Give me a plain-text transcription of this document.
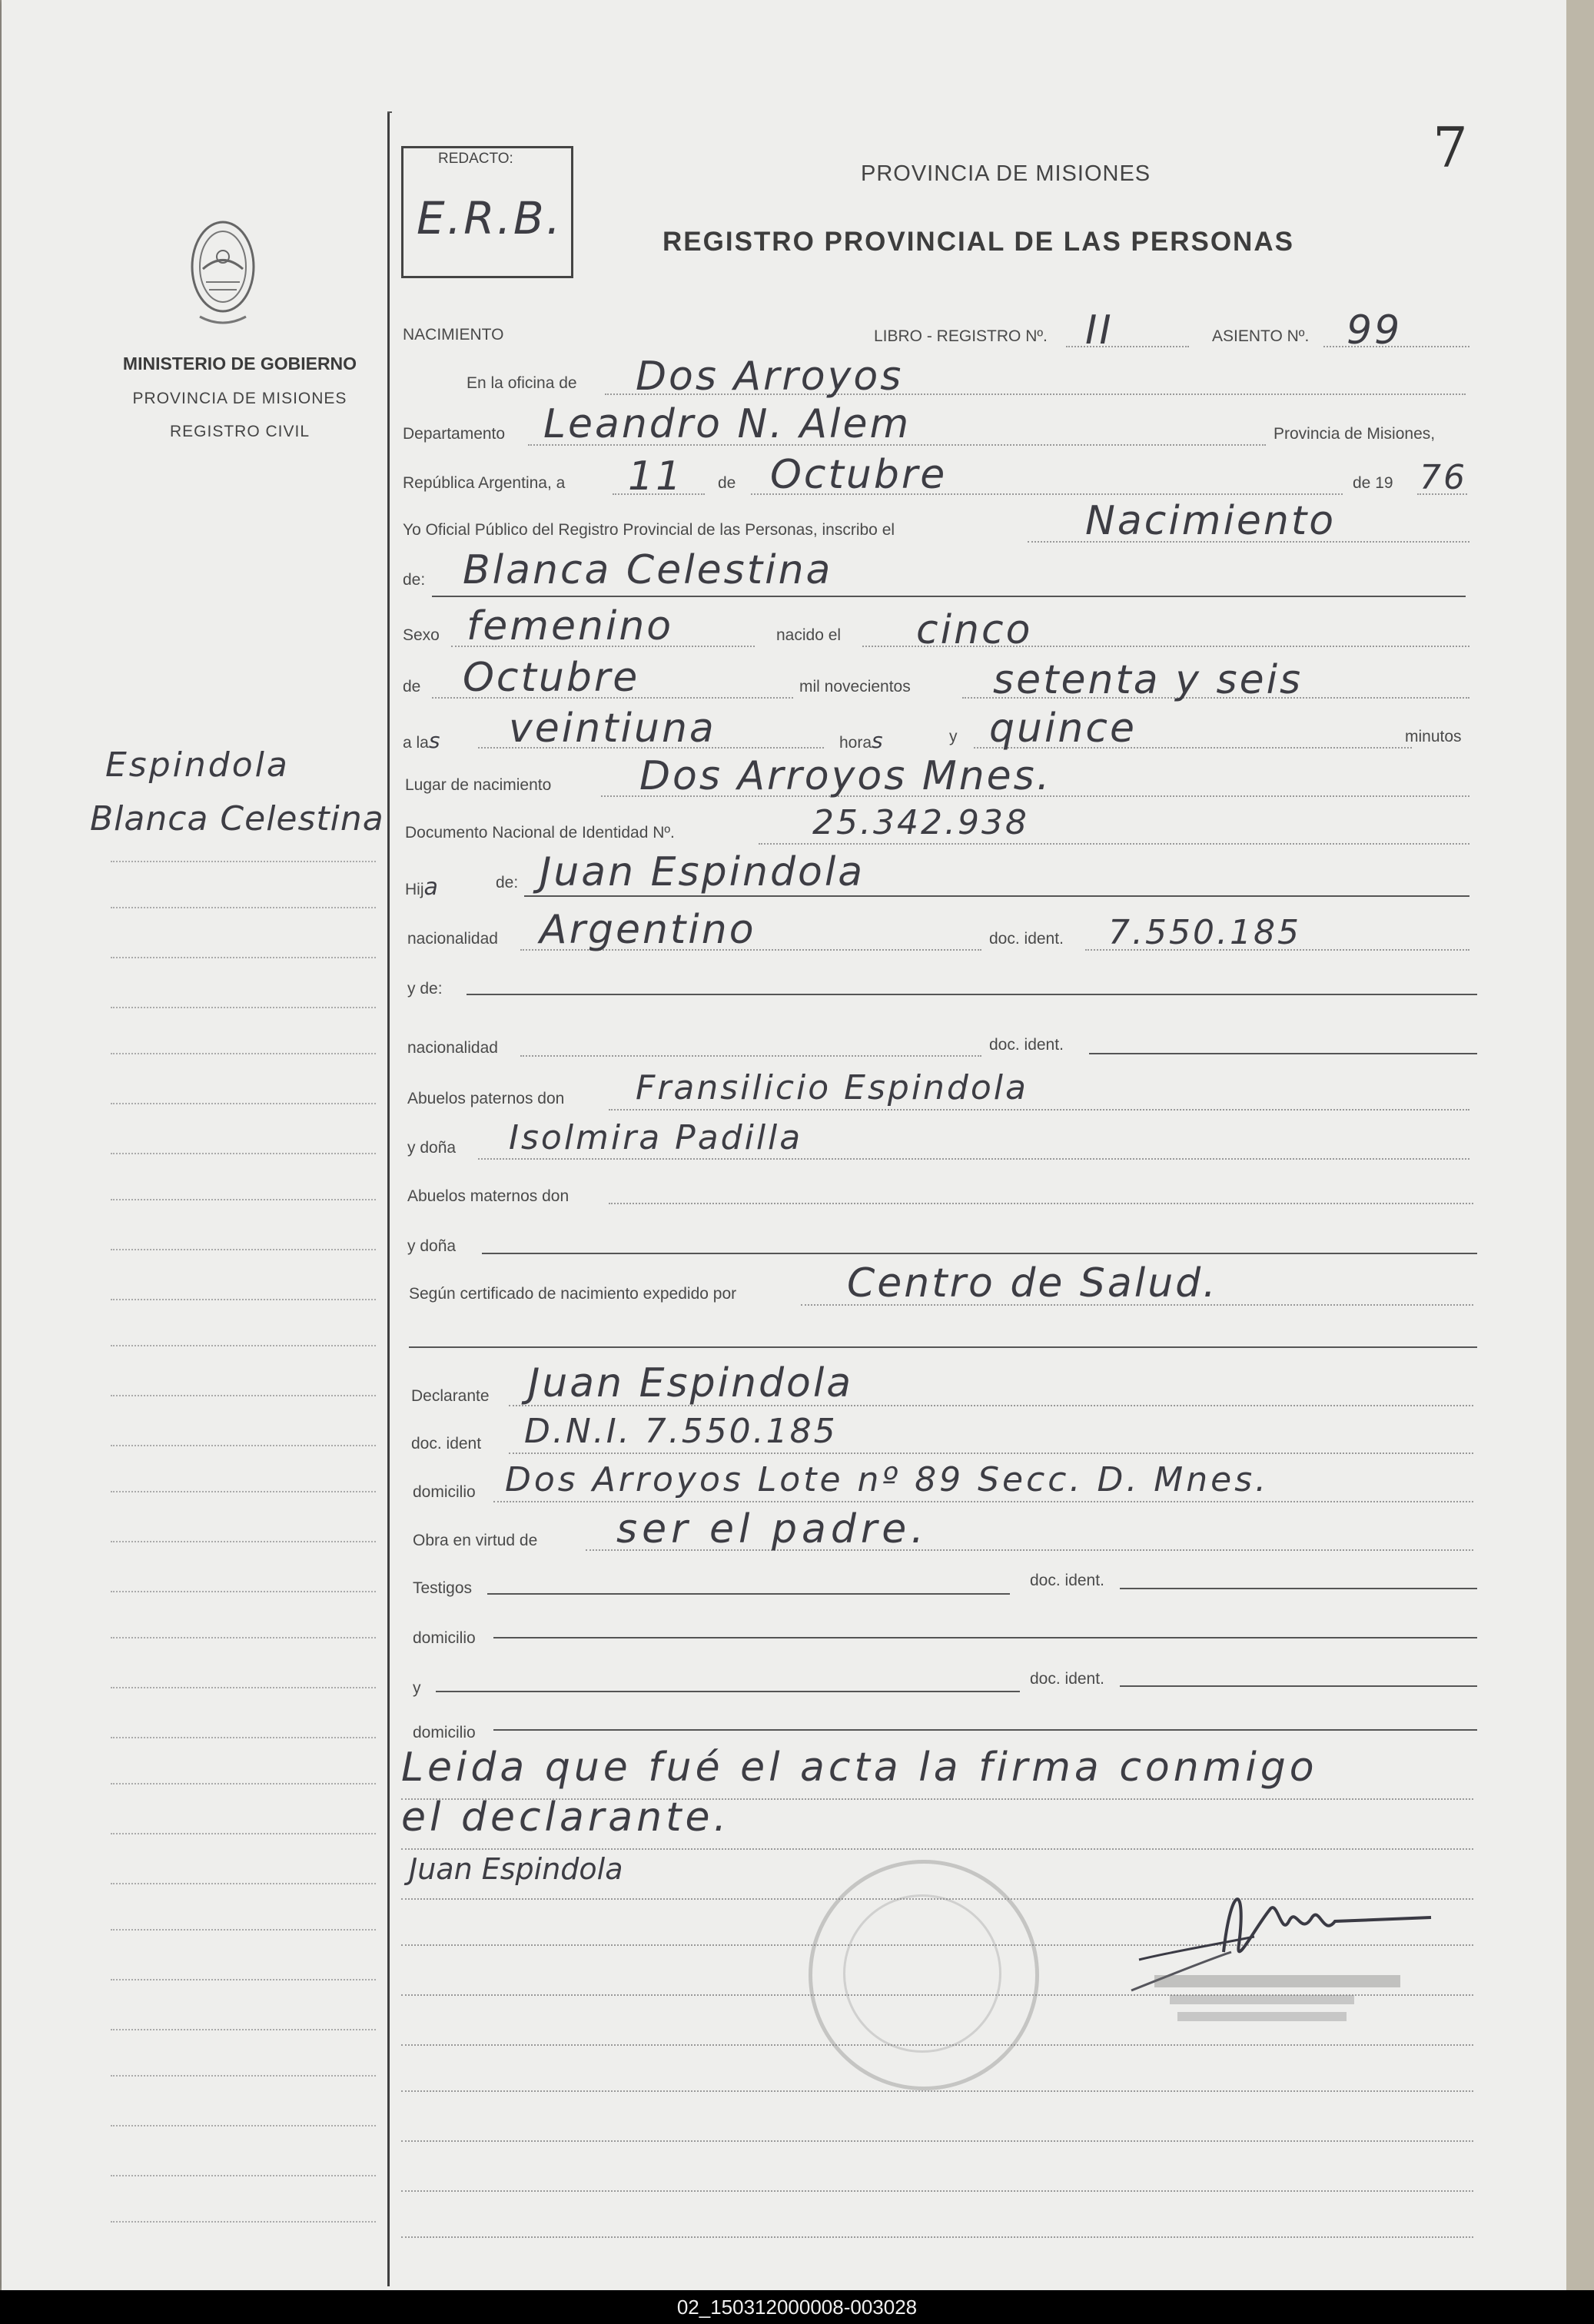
MINISTERIO DE GOBIERNO
PROVINCIA DE MISIONES
REGISTRO CIVIL
Espindola
Blanca Celestina
REDACTO:
E.R.B.
7
PROVINCIA DE MISIONES
REGISTRO PROVINCIAL DE LAS PERSONAS
NACIMIENTO	LIBRO - REGISTRO Nº. II	ASIENTO Nº. 99
En la oficina de Dos Arroyos
Departamento Leandro N. Alem	Provincia de Misiones,
República Argentina, a 11 de Octubre	de 19 76
Yo Oficial Público del Registro Provincial de las Personas, inscribo el	Nacimiento
de: Blanca Celestina
Sexo femenino	nacido el cinco
de Octubre	mil novecientos setenta y seis
a las veintiuna	horas	y quince	minutos
Lugar de nacimiento Dos Arroyos Mnes.
Documento Nacional de Identidad Nº.	25.342.938
Hija	de: Juan Espindola
nacionalidad Argentino	doc. ident. 7.550.185
y de:
nacionalidad	doc. ident.
Abuelos paternos don Fransilicio Espindola
y doña Isolmira Padilla
Abuelos maternos don
y doña
Según certificado de nacimiento expedido por	Centro de Salud.
Declarante Juan Espindola
doc. ident D.N.I. 7.550.185
domicilio Dos Arroyos Lote nº 89 Secc. D. Mnes.
Obra en virtud de ser el padre.
Testigos	doc. ident.
domicilio
y
doc. ident.
domicilio
Leida que fué el acta la firma conmigo
el declarante.
Juan Espindola
02_150312000008-003028
